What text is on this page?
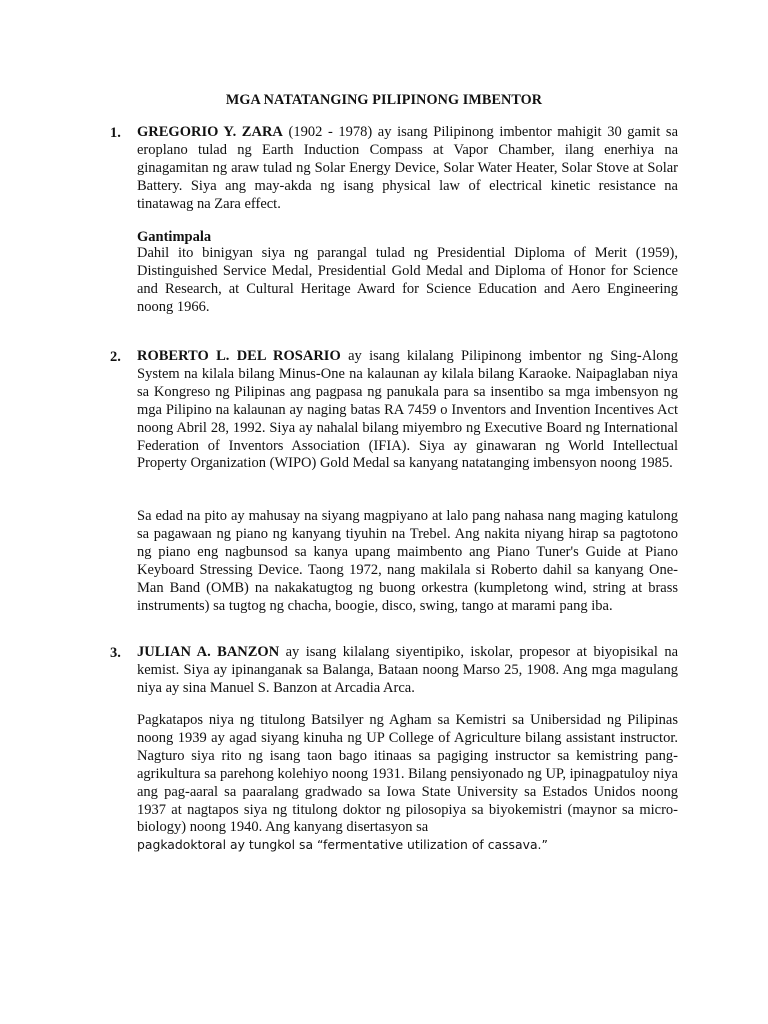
MGA NATATANGING PILIPINONG IMBENTOR
1. GREGORIO Y. ZARA (1902 - 1978) ay isang Pilipinong imbentor mahigit 30 gamit sa eroplano tulad ng Earth Induction Compass at Vapor Chamber, ilang enerhiya na ginagamitan ng araw tulad ng Solar Energy Device, Solar Water Heater, Solar Stove at Solar Battery. Siya ang may-akda ng isang physical law of electrical kinetic resistance na tinatawag na Zara effect.

Gantimpala

Dahil ito binigyan siya ng parangal tulad ng Presidential Diploma of Merit (1959), Distinguished Service Medal, Presidential Gold Medal and Diploma of Honor for Science and Research, at Cultural Heritage Award for Science Education and Aero Engineering noong 1966.

2. ROBERTO L. DEL ROSARIO ay isang kilalang Pilipinong imbentor ng Sing-Along System na kilala bilang Minus-One na kalaunan ay kilala bilang Karaoke. Naipaglaban niya sa Kongreso ng Pilipinas ang pagpasa ng panukala para sa insentibo sa mga imbensyon ng mga Pilipino na kalaunan ay naging batas RA 7459 o Inventors and Invention Incentives Act noong Abril 28, 1992. Siya ay nahalal bilang miyembro ng Executive Board ng International Federation of Inventors Association (IFIA). Siya ay ginawaran ng World Intellectual Property Organization (WIPO) Gold Medal sa kanyang natatanging imbensyon noong 1985.

Sa edad na pito ay mahusay na siyang magpiyano at lalo pang nahasa nang maging katulong sa pagawaan ng piano ng kanyang tiyuhin na Trebel. Ang nakita niyang hirap sa pagtotono ng piano eng nagbunsod sa kanya upang maimbento ang Piano Tuner's Guide at Piano Keyboard Stressing Device. Taong 1972, nang makilala si Roberto dahil sa kanyang One-Man Band (OMB) na nakakatugtog ng buong orkestra (kumpletong wind, string at brass instruments) sa tugtog ng chacha, boogie, disco, swing, tango at marami pang iba.

3. JULIAN A. BANZON ay isang kilalang siyentipiko, iskolar, propesor at biyopisikal na kemist. Siya ay ipinanganak sa Balanga, Bataan noong Marso 25, 1908. Ang mga magulang niya ay sina Manuel S. Banzon at Arcadia Arca.

Pagkatapos niya ng titulong Batsilyer ng Agham sa Kemistri sa Unibersidad ng Pilipinas noong 1939 ay agad siyang kinuha ng UP College of Agriculture bilang assistant instructor. Nagturo siya rito ng isang taon bago itinaas sa pagiging instructor sa kemistring pang-agrikultura sa parehong kolehiyo noong 1931. Bilang pensiyonado ng UP, ipinagpatuloy niya ang pag-aaral sa paaralang gradwado sa Iowa State University sa Estados Unidos noong 1937 at nagtapos siya ng titulong doktor ng pilosopiya sa biyokemistri (maynor sa micro-biology) noong 1940. Ang kanyang disertasyon sa

pagkadoktoral ay tungkol sa “fermentative utilization of cassava.”
